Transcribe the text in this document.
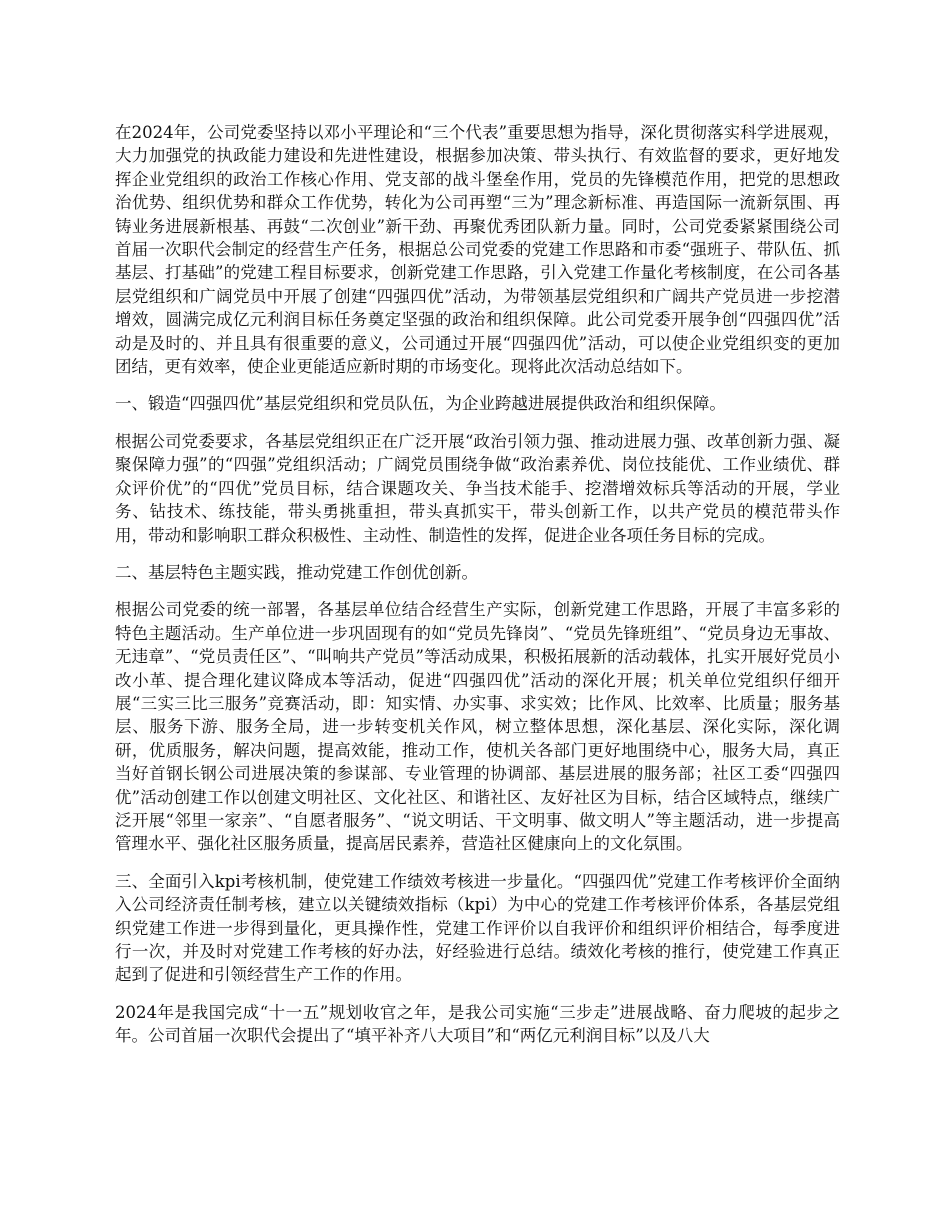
在2024年，公司党委坚持以邓小平理论和“三个代表”重要思想为指导，深化贯彻落实科学进展观，大力加强党的执政能力建设和先进性建设，根据参加决策、带头执行、有效监督的要求，更好地发挥企业党组织的政治工作核心作用、党支部的战斗堡垒作用，党员的先锋模范作用，把党的思想政治优势、组织优势和群众工作优势，转化为公司再塑“三为”理念新标准、再造国际一流新氛围、再铸业务进展新根基、再鼓“二次创业”新干劲、再聚优秀团队新力量。同时，公司党委紧紧围绕公司首届一次职代会制定的经营生产任务，根据总公司党委的党建工作思路和市委“强班子、带队伍、抓基层、打基础”的党建工程目标要求，创新党建工作思路，引入党建工作量化考核制度，在公司各基层党组织和广阔党员中开展了创建“四强四优”活动，为带领基层党组织和广阔共产党员进一步挖潜增效，圆满完成亿元利润目标任务奠定坚强的政治和组织保障。此公司党委开展争创“四强四优”活动是及时的、并且具有很重要的意义，公司通过开展“四强四优”活动，可以使企业党组织变的更加团结，更有效率，使企业更能适应新时期的市场变化。现将此次活动总结如下。

一、锻造“四强四优”基层党组织和党员队伍，为企业跨越进展提供政治和组织保障。

根据公司党委要求，各基层党组织正在广泛开展“政治引领力强、推动进展力强、改革创新力强、凝聚保障力强”的“四强”党组织活动；广阔党员围绕争做“政治素养优、岗位技能优、工作业绩优、群众评价优”的“四优”党员目标，结合课题攻关、争当技术能手、挖潜增效标兵等活动的开展，学业务、钻技术、练技能，带头勇挑重担，带头真抓实干，带头创新工作，以共产党员的模范带头作用，带动和影响职工群众积极性、主动性、制造性的发挥，促进企业各项任务目标的完成。

二、基层特色主题实践，推动党建工作创优创新。

根据公司党委的统一部署，各基层单位结合经营生产实际，创新党建工作思路，开展了丰富多彩的特色主题活动。生产单位进一步巩固现有的如“党员先锋岗”、“党员先锋班组”、“党员身边无事故、无违章”、“党员责任区”、“叫响共产党员”等活动成果，积极拓展新的活动载体，扎实开展好党员小改小革、提合理化建议降成本等活动，促进“四强四优”活动的深化开展；机关单位党组织仔细开展“三实三比三服务”竞赛活动，即：知实情、办实事、求实效；比作风、比效率、比质量；服务基层、服务下游、服务全局，进一步转变机关作风，树立整体思想，深化基层、深化实际，深化调研，优质服务，解决问题，提高效能，推动工作，使机关各部门更好地围绕中心，服务大局，真正当好首钢长钢公司进展决策的参谋部、专业管理的协调部、基层进展的服务部；社区工委“四强四优”活动创建工作以创建文明社区、文化社区、和谐社区、友好社区为目标，结合区域特点，继续广泛开展“邻里一家亲”、“自愿者服务”、“说文明话、干文明事、做文明人”等主题活动，进一步提高管理水平、强化社区服务质量，提高居民素养，营造社区健康向上的文化氛围。

三、全面引入kpi考核机制，使党建工作绩效考核进一步量化。“四强四优”党建工作考核评价全面纳入公司经济责任制考核，建立以关键绩效指标（kpi）为中心的党建工作考核评价体系，各基层党组织党建工作进一步得到量化，更具操作性，党建工作评价以自我评价和组织评价相结合，每季度进行一次，并及时对党建工作考核的好办法，好经验进行总结。绩效化考核的推行，使党建工作真正起到了促进和引领经营生产工作的作用。

2024年是我国完成“十一五”规划收官之年，是我公司实施“三步走”进展战略、奋力爬坡的起步之年。公司首届一次职代会提出了“填平补齐八大项目”和“两亿元利润目标”以及八大
